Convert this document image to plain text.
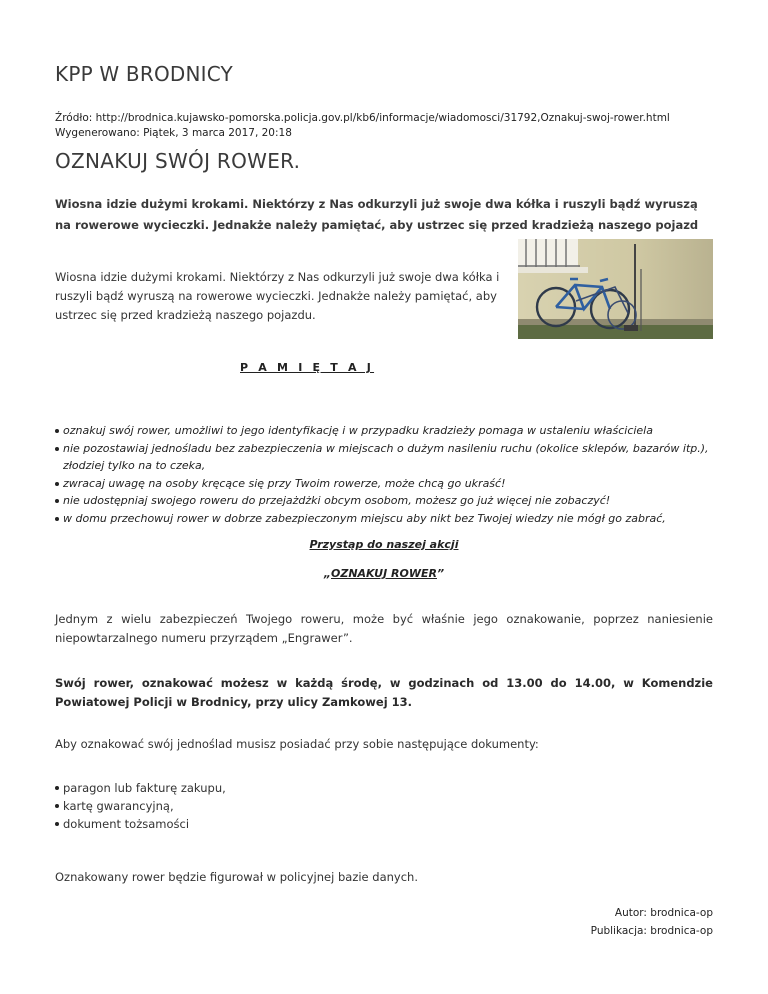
KPP W BRODNICY
Źródło: http://brodnica.kujawsko-pomorska.policja.gov.pl/kb6/informacje/wiadomosci/31792,Oznakuj-swoj-rower.html
Wygenerowano: Piątek, 3 marca 2017, 20:18
OZNAKUJ SWÓJ ROWER.

Wiosna idzie dużymi krokami. Niektórzy z Nas odkurzyli już swoje dwa kółka i ruszyli bądź wyruszą na rowerowe wycieczki. Jednakże należy pamiętać, aby ustrzec się przed kradzieżą naszego pojazd

Wiosna idzie dużymi krokami. Niektórzy z Nas odkurzyli już swoje dwa kółka i ruszyli bądź wyruszą na rowerowe wycieczki. Jednakże należy pamiętać, aby ustrzec się przed kradzieżą naszego pojazdu.

P A M I Ę T A J

oznakuj swój rower, umożliwi to jego identyfikację i w przypadku kradzieży pomaga w ustaleniu właściciela
nie pozostawiaj jednośladu bez zabezpieczenia w miejscach o dużym nasileniu ruchu (okolice sklepów, bazarów itp.), złodziej tylko na to czeka,
zwracaj uwagę na osoby kręcące się przy Twoim rowerze, może chcą go ukraść!
nie udostępniaj swojego roweru do przejażdżki obcym osobom, możesz go już więcej nie zobaczyć!
w domu przechowuj rower w dobrze zabezpieczonym miejscu aby nikt bez Twojej wiedzy nie mógł go zabrać,

Przystąp do naszej akcji

„OZNAKUJ ROWER”

Jednym z wielu zabezpieczeń Twojego roweru, może być właśnie jego oznakowanie, poprzez naniesienie niepowtarzalnego numeru przyrządem „Engrawer”.

Swój rower, oznakować możesz w każdą środę, w godzinach od 13.00 do 14.00, w Komendzie Powiatowej Policji w Brodnicy, przy ulicy Zamkowej 13.

Aby oznakować swój jednoślad musisz posiadać przy sobie następujące dokumenty:

paragon lub fakturę zakupu,
kartę gwarancyjną,
dokument tożsamości

Oznakowany rower będzie figurował w policyjnej bazie danych.

Autor: brodnica-op
Publikacja: brodnica-op
